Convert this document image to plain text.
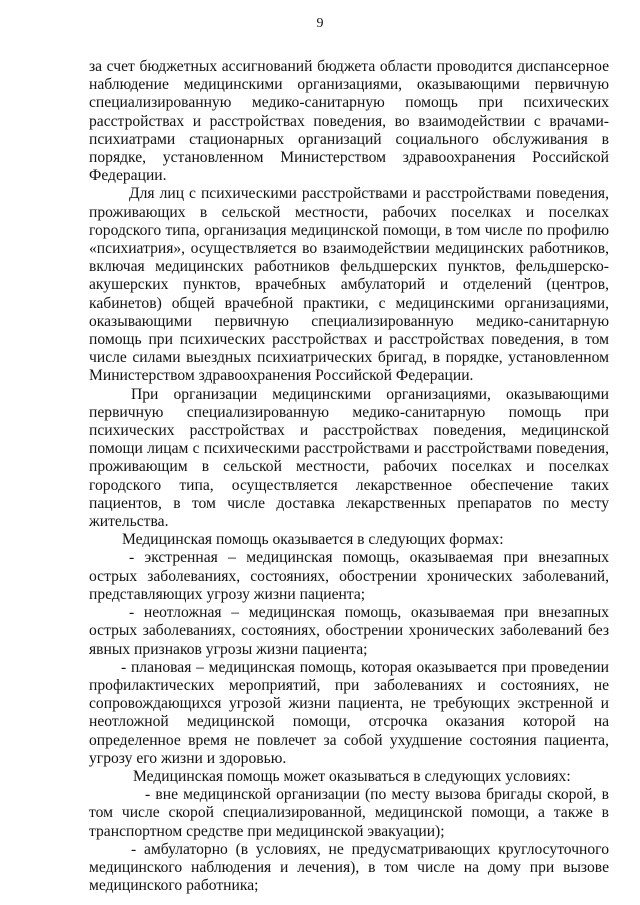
9

за счет бюджетных ассигнований бюджета области проводится диспансерное наблюдение медицинскими организациями, оказывающими первичную специализированную медико-санитарную помощь при психических расстройствах и расстройствах поведения, во взаимодействии с врачами-психиатрами стационарных организаций социального обслуживания в порядке, установленном Министерством здравоохранения Российской Федерации.

Для лиц с психическими расстройствами и расстройствами поведения, проживающих в сельской местности, рабочих поселках и поселках городского типа, организация медицинской помощи, в том числе по профилю «психиатрия», осуществляется во взаимодействии медицинских работников, включая медицинских работников фельдшерских пунктов, фельдшерско-акушерских пунктов, врачебных амбулаторий и отделений (центров, кабинетов) общей врачебной практики, с медицинскими организациями, оказывающими первичную специализированную медико-санитарную помощь при психических расстройствах и расстройствах поведения, в том числе силами выездных психиатрических бригад, в порядке, установленном Министерством здравоохранения Российской Федерации.

При организации медицинскими организациями, оказывающими первичную специализированную медико-санитарную помощь при психических расстройствах и расстройствах поведения, медицинской помощи лицам с психическими расстройствами и расстройствами поведения, проживающим в сельской местности, рабочих поселках и поселках городского типа, осуществляется лекарственное обеспечение таких пациентов, в том числе доставка лекарственных препаратов по месту жительства.

Медицинская помощь оказывается в следующих формах:

- экстренная – медицинская помощь, оказываемая при внезапных острых заболеваниях, состояниях, обострении хронических заболеваний, представляющих угрозу жизни пациента;

- неотложная – медицинская помощь, оказываемая при внезапных острых заболеваниях, состояниях, обострении хронических заболеваний без явных признаков угрозы жизни пациента;

- плановая – медицинская помощь, которая оказывается при проведении профилактических мероприятий, при заболеваниях и состояниях, не сопровождающихся угрозой жизни пациента, не требующих экстренной и неотложной медицинской помощи, отсрочка оказания которой на определенное время не повлечет за собой ухудшение состояния пациента, угрозу его жизни и здоровью.

Медицинская помощь может оказываться в следующих условиях:

- вне медицинской организации (по месту вызова бригады скорой, в том числе скорой специализированной, медицинской помощи, а также в транспортном средстве при медицинской эвакуации);

- амбулаторно (в условиях, не предусматривающих круглосуточного медицинского наблюдения и лечения), в том числе на дому при вызове медицинского работника;
